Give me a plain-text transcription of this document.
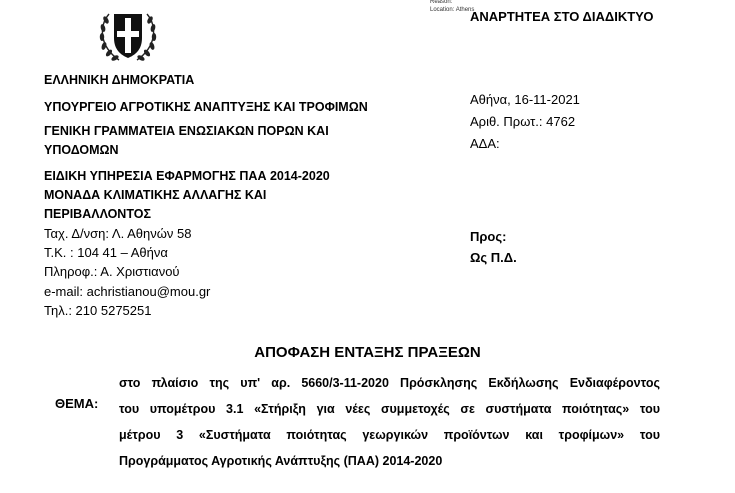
Reason:
Location: Athens
ΑΝΑΡΤΗΤΕΑ ΣΤΟ ΔΙΑΔΙΚΤΥΟ
ΕΛΛΗΝΙΚΗ ΔΗΜΟΚΡΑΤΙΑ
ΥΠΟΥΡΓΕΙΟ ΑΓΡΟΤΙΚΗΣ ΑΝΑΠΤΥΞΗΣ ΚΑΙ ΤΡΟΦΙΜΩΝ
ΓΕΝΙΚΗ ΓΡΑΜΜΑΤΕΙΑ ΕΝΩΣΙΑΚΩΝ ΠΟΡΩΝ ΚΑΙ
ΥΠΟΔΟΜΩΝ
ΕΙΔΙΚΗ ΥΠΗΡΕΣΙΑ ΕΦΑΡΜΟΓΗΣ ΠΑΑ 2014-2020
ΜΟΝΑΔΑ ΚΛΙΜΑΤΙΚΗΣ ΑΛΛΑΓΗΣ ΚΑΙ
ΠΕΡΙΒΑΛΛΟΝΤΟΣ
Ταχ. Δ/νση: Λ. Αθηνών 58
Τ.Κ. : 104 41 – Αθήνα
Πληροφ.: Α. Χριστιανού
e-mail: achristianou@mou.gr
Τηλ.: 210 5275251
Αθήνα, 16-11-2021
Αριθ. Πρωτ.: 4762
ΑΔΑ:
Προς:
Ως Π.Δ.
ΑΠΟΦΑΣΗ ΕΝΤΑΞΗΣ ΠΡΑΞΕΩΝ
ΘΕΜΑ:
στο πλαίσιο της υπ' αρ. 5660/3-11-2020 Πρόσκλησης Εκδήλωσης Ενδιαφέροντος
του υπομέτρου 3.1 «Στήριξη για νέες συμμετοχές σε συστήματα ποιότητας» του
μέτρου 3 «Συστήματα ποιότητας γεωργικών προϊόντων και τροφίμων» του
Προγράμματος Αγροτικής Ανάπτυξης (ΠΑΑ) 2014-2020
